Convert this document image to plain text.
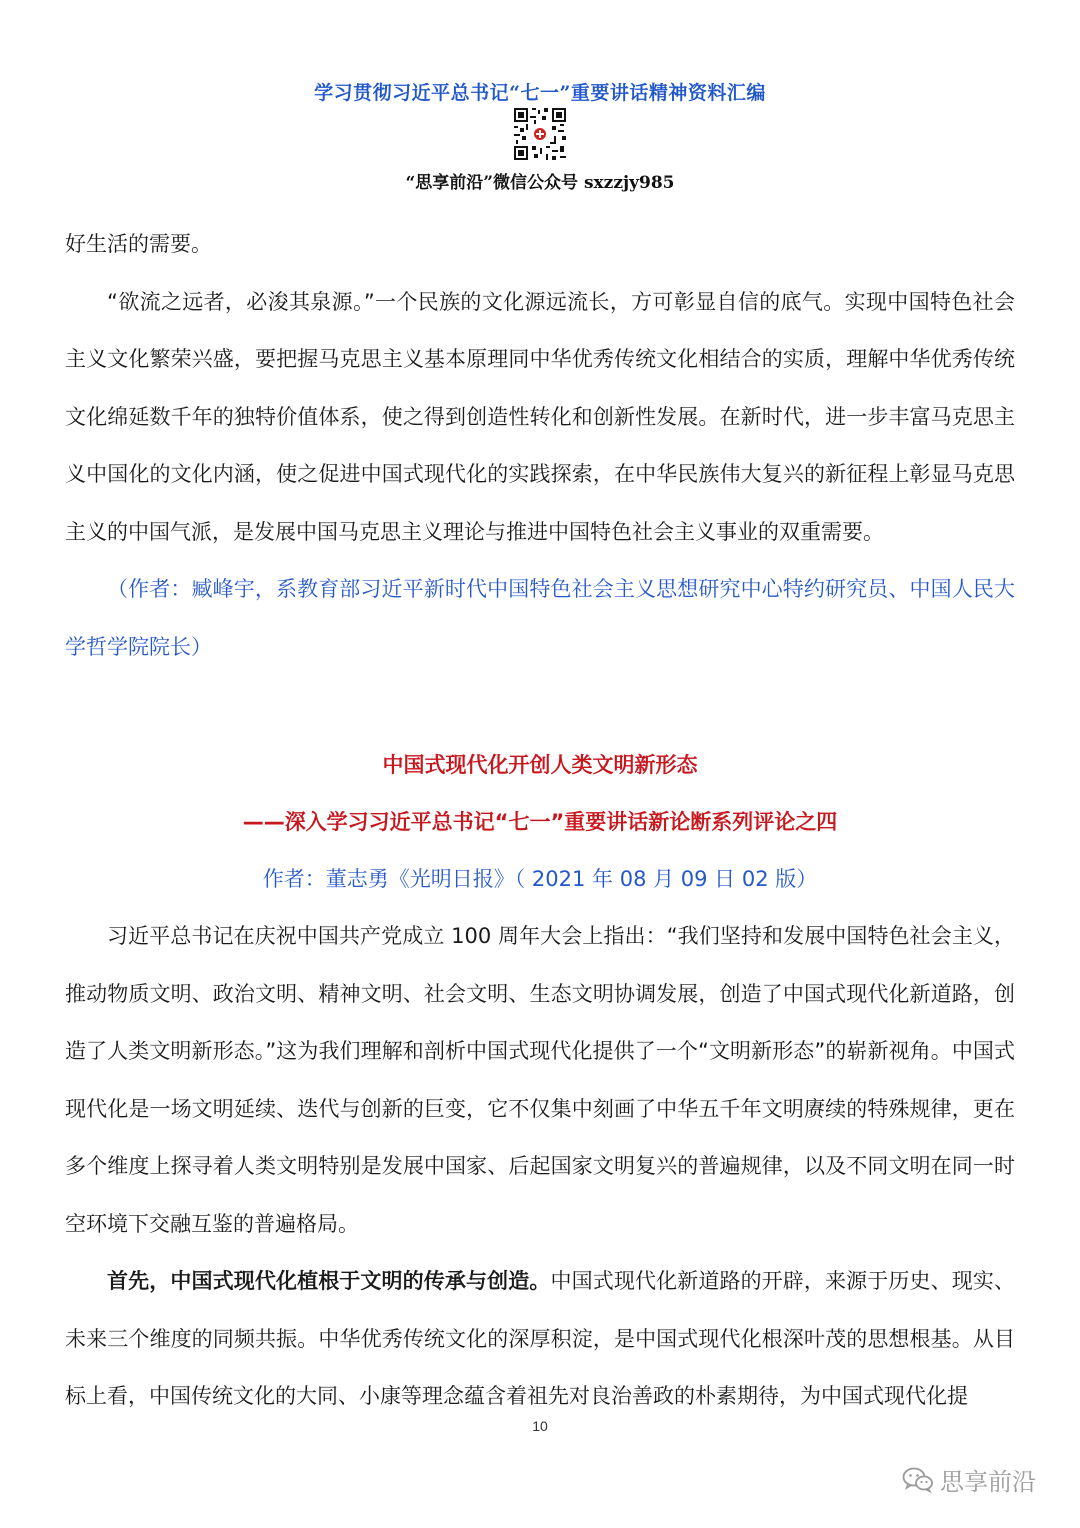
学习贯彻习近平总书记“七一”重要讲话精神资料汇编
“思享前沿”微信公众号 sxzzjy985

好生活的需要。

“欲流之远者，必浚其泉源。”一个民族的文化源远流长，方可彰显自信的底气。实现中国特色社会主义文化繁荣兴盛，要把握马克思主义基本原理同中华优秀传统文化相结合的实质，理解中华优秀传统文化绵延数千年的独特价值体系，使之得到创造性转化和创新性发展。在新时代，进一步丰富马克思主义中国化的文化内涵，使之促进中国式现代化的实践探索，在中华民族伟大复兴的新征程上彰显马克思主义的中国气派，是发展中国马克思主义理论与推进中国特色社会主义事业的双重需要。

（作者：臧峰宇，系教育部习近平新时代中国特色社会主义思想研究中心特约研究员、中国人民大学哲学院院长）

中国式现代化开创人类文明新形态

——深入学习习近平总书记“七一”重要讲话新论断系列评论之四

作者：董志勇《光明日报》（ 2021 年 08 月 09 日 02 版）

习近平总书记在庆祝中国共产党成立 100 周年大会上指出：“我们坚持和发展中国特色社会主义，推动物质文明、政治文明、精神文明、社会文明、生态文明协调发展，创造了中国式现代化新道路，创造了人类文明新形态。”这为我们理解和剖析中国式现代化提供了一个“文明新形态”的崭新视角。中国式现代化是一场文明延续、迭代与创新的巨变，它不仅集中刻画了中华五千年文明赓续的特殊规律，更在多个维度上探寻着人类文明特别是发展中国家、后起国家文明复兴的普遍规律，以及不同文明在同一时空环境下交融互鉴的普遍格局。

首先，中国式现代化植根于文明的传承与创造。中国式现代化新道路的开辟，来源于历史、现实、未来三个维度的同频共振。中华优秀传统文化的深厚积淀，是中国式现代化根深叶茂的思想根基。从目标上看，中国传统文化的大同、小康等理念蕴含着祖先对良治善政的朴素期待，为中国式现代化提

10
思享前沿
